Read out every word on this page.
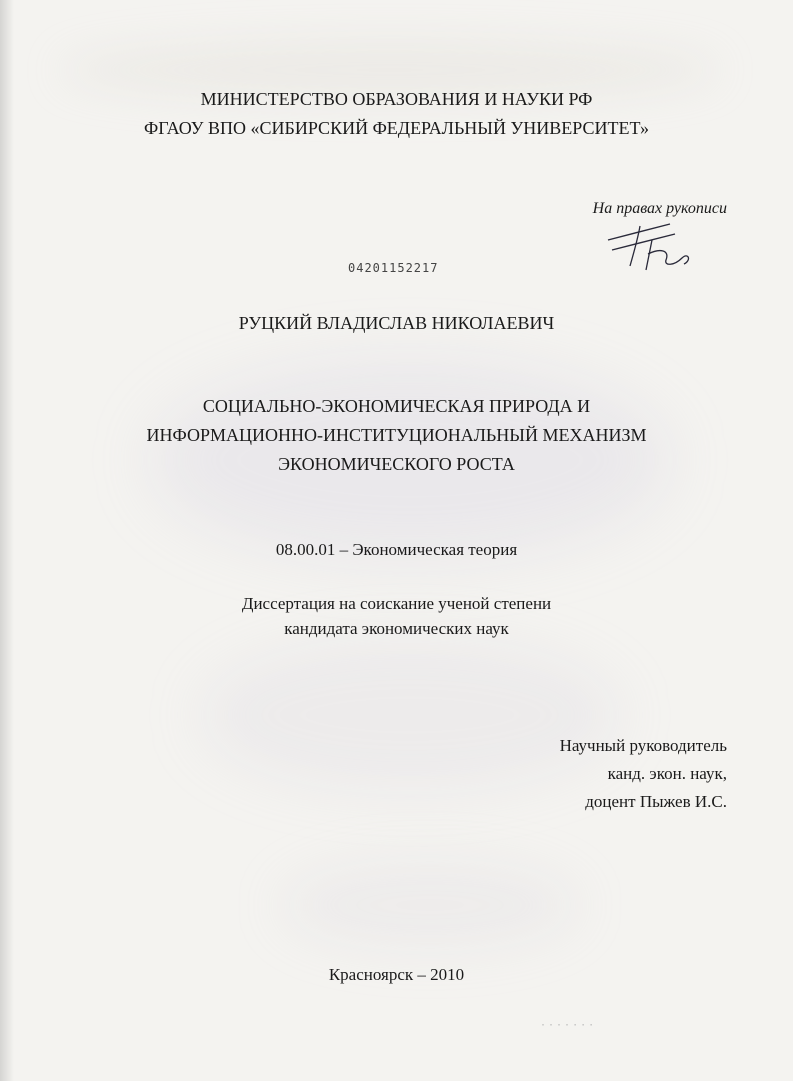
МИНИСТЕРСТВО ОБРАЗОВАНИЯ И НАУКИ РФ
ФГАОУ ВПО «СИБИРСКИЙ ФЕДЕРАЛЬНЫЙ УНИВЕРСИТЕТ»
На правах рукописи
04201152217
РУЦКИЙ ВЛАДИСЛАВ НИКОЛАЕВИЧ
СОЦИАЛЬНО-ЭКОНОМИЧЕСКАЯ ПРИРОДА И
ИНФОРМАЦИОННО-ИНСТИТУЦИОНАЛЬНЫЙ МЕХАНИЗМ
ЭКОНОМИЧЕСКОГО РОСТА
08.00.01 – Экономическая теория
Диссертация на соискание ученой степени
кандидата экономических наук
Научный руководитель
канд. экон. наук,
доцент Пыжев И.С.
Красноярск – 2010
·······
